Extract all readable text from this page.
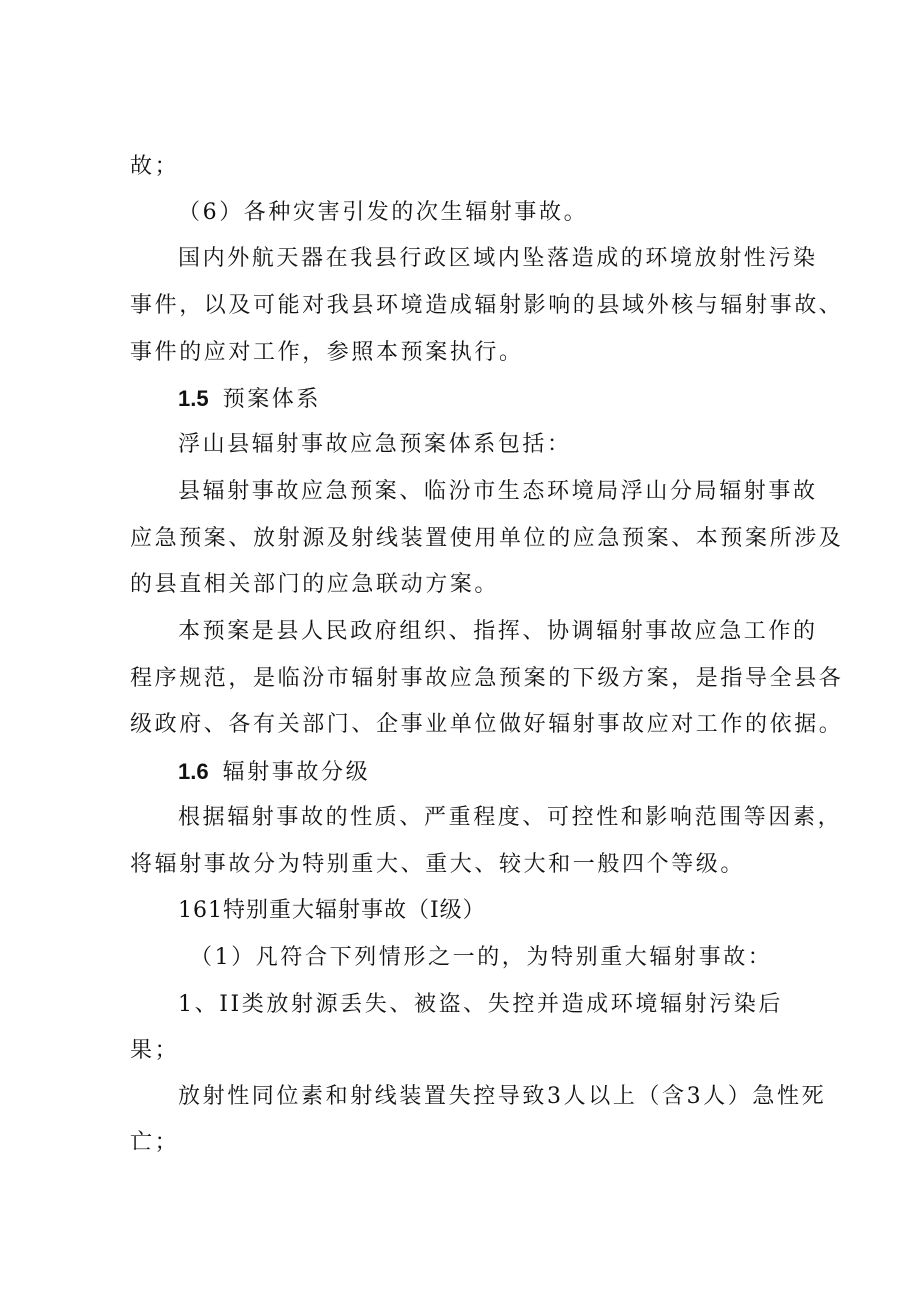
故；
（6）各种灾害引发的次生辐射事故。
国内外航天器在我县行政区域内坠落造成的环境放射性污染
事件，以及可能对我县环境造成辐射影响的县域外核与辐射事故、
事件的应对工作，参照本预案执行。
1.5 预案体系
浮山县辐射事故应急预案体系包括：
县辐射事故应急预案、临汾市生态环境局浮山分局辐射事故
应急预案、放射源及射线装置使用单位的应急预案、本预案所涉及
的县直相关部门的应急联动方案。
本预案是县人民政府组织、指挥、协调辐射事故应急工作的
程序规范，是临汾市辐射事故应急预案的下级方案，是指导全县各
级政府、各有关部门、企事业单位做好辐射事故应对工作的依据。
1.6 辐射事故分级
根据辐射事故的性质、严重程度、可控性和影响范围等因素，
将辐射事故分为特别重大、重大、较大和一般四个等级。
161特别重大辐射事故（I级）
（1）凡符合下列情形之一的，为特别重大辐射事故：
1、II类放射源丢失、被盗、失控并造成环境辐射污染后
果；
放射性同位素和射线装置失控导致3人以上（含3人）急性死
亡；
